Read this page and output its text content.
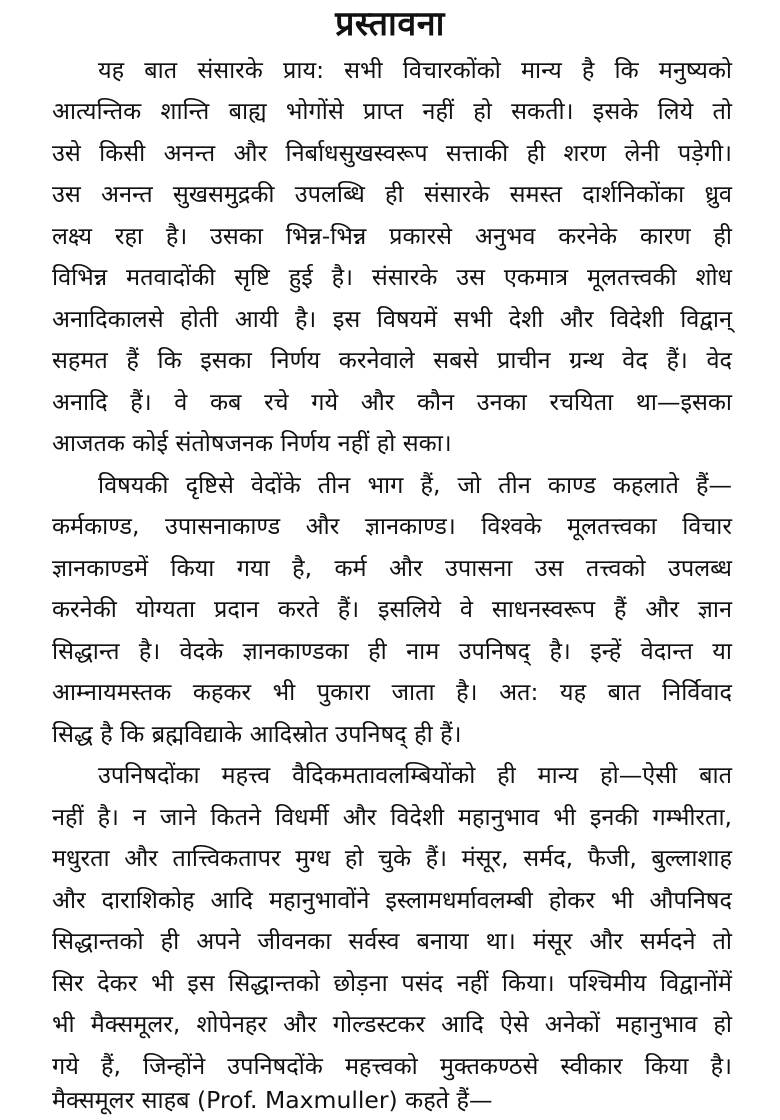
प्रस्तावना
यह बात संसारके प्राय: सभी विचारकोंको मान्य है कि मनुष्यको
आत्यन्तिक शान्ति बाह्य भोगोंसे प्राप्त नहीं हो सकती। इसके लिये तो
उसे किसी अनन्त और निर्बाधसुखस्वरूप सत्ताकी ही शरण लेनी पड़ेगी।
उस अनन्त सुखसमुद्रकी उपलब्धि ही संसारके समस्त दार्शनिकोंका ध्रुव
लक्ष्य रहा है। उसका भिन्न-भिन्न प्रकारसे अनुभव करनेके कारण ही
विभिन्न मतवादोंकी सृष्टि हुई है। संसारके उस एकमात्र मूलतत्त्वकी शोध
अनादिकालसे होती आयी है। इस विषयमें सभी देशी और विदेशी विद्वान्
सहमत हैं कि इसका निर्णय करनेवाले सबसे प्राचीन ग्रन्थ वेद हैं। वेद
अनादि हैं। वे कब रचे गये और कौन उनका रचयिता था—इसका
आजतक कोई संतोषजनक निर्णय नहीं हो सका।
विषयकी दृष्टिसे वेदोंके तीन भाग हैं, जो तीन काण्ड कहलाते हैं—
कर्मकाण्ड, उपासनाकाण्ड और ज्ञानकाण्ड। विश्वके मूलतत्त्वका विचार
ज्ञानकाण्डमें किया गया है, कर्म और उपासना उस तत्त्वको उपलब्ध
करनेकी योग्यता प्रदान करते हैं। इसलिये वे साधनस्वरूप हैं और ज्ञान
सिद्धान्त है। वेदके ज्ञानकाण्डका ही नाम उपनिषद् है। इन्हें वेदान्त या
आम्नायमस्तक कहकर भी पुकारा जाता है। अत: यह बात निर्विवाद
सिद्ध है कि ब्रह्मविद्याके आदिस्रोत उपनिषद् ही हैं।
उपनिषदोंका महत्त्व वैदिकमतावलम्बियोंको ही मान्य हो—ऐसी बात
नहीं है। न जाने कितने विधर्मी और विदेशी महानुभाव भी इनकी गम्भीरता,
मधुरता और तात्त्विकतापर मुग्ध हो चुके हैं। मंसूर, सर्मद, फैजी, बुल्लाशाह
और दाराशिकोह आदि महानुभावोंने इस्लामधर्मावलम्बी होकर भी औपनिषद
सिद्धान्तको ही अपने जीवनका सर्वस्व बनाया था। मंसूर और सर्मदने तो
सिर देकर भी इस सिद्धान्तको छोड़ना पसंद नहीं किया। पश्चिमीय विद्वानोंमें
भी मैक्समूलर, शोपेनहर और गोल्डस्टकर आदि ऐसे अनेकों महानुभाव हो
गये हैं, जिन्होंने उपनिषदोंके महत्त्वको मुक्तकण्ठसे स्वीकार किया है।
मैक्समूलर साहब (Prof. Maxmuller) कहते हैं—
